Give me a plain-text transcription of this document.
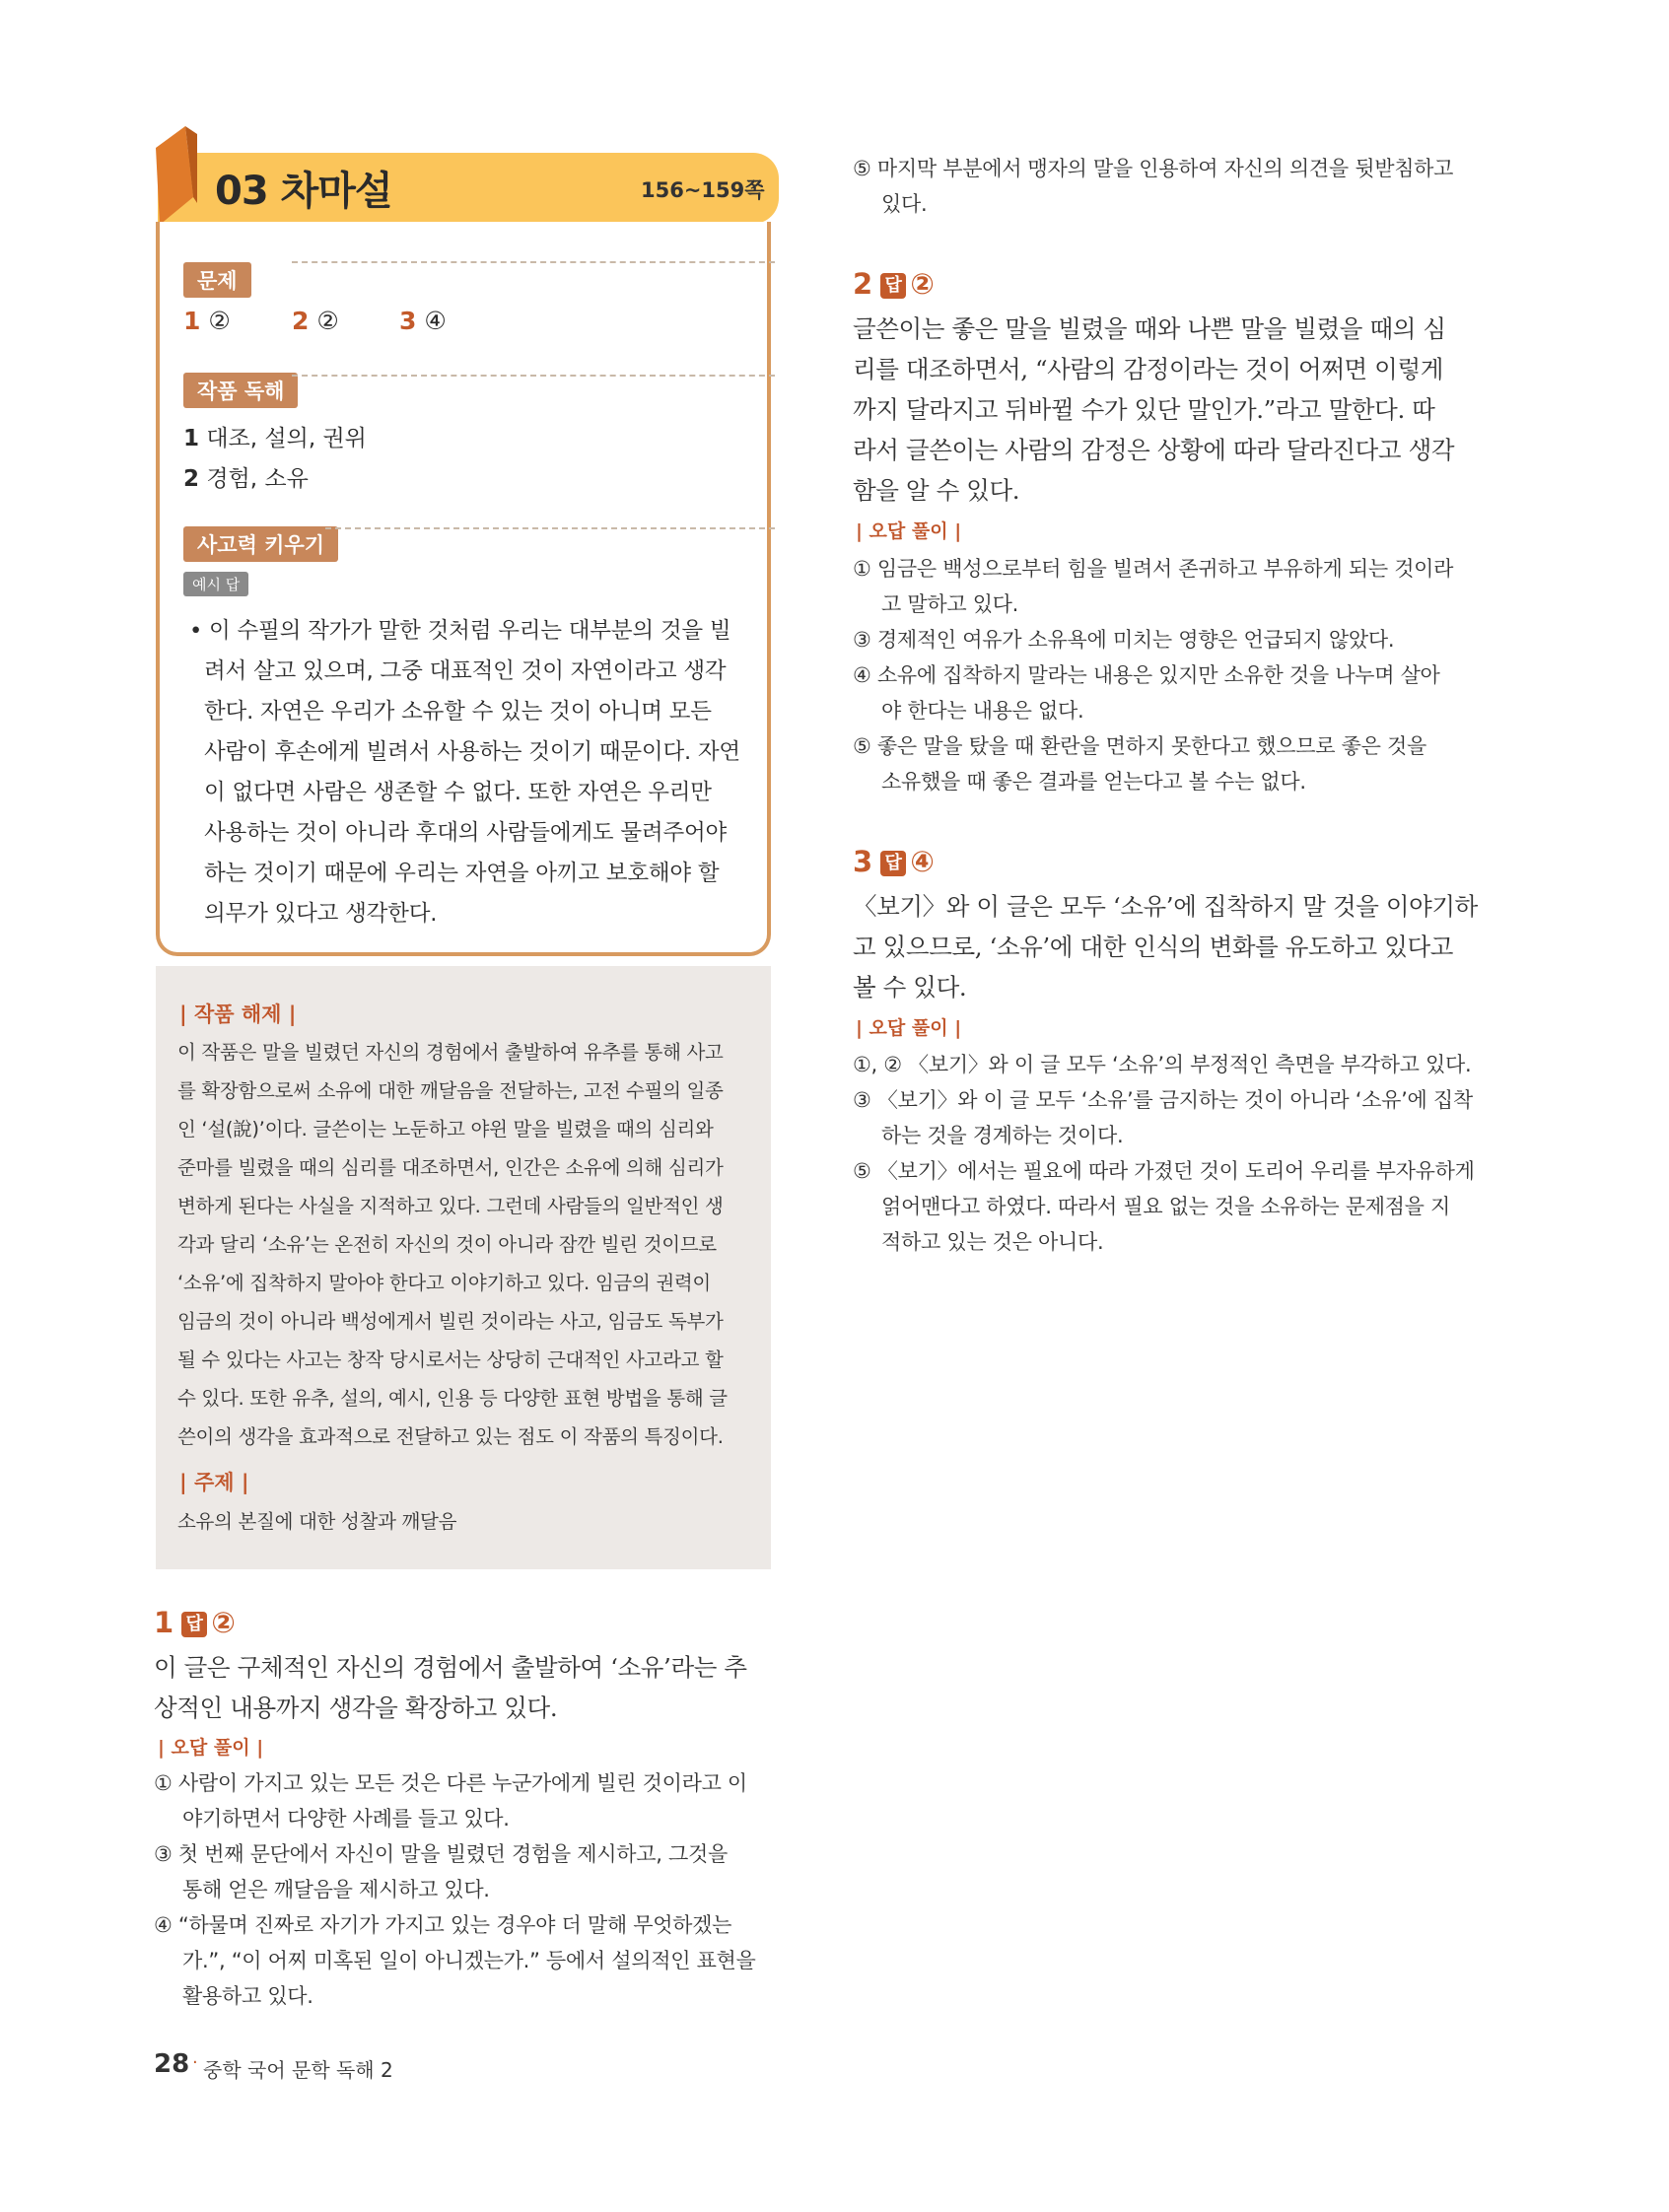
03 차마설	156~159쪽
문제
1 ② 2 ② 3 ④
작품 독해
1 대조, 설의, 권위
2 경험, 소유
사고력 키우기
예시 답
• 이 수필의 작가가 말한 것처럼 우리는 대부분의 것을 빌
려서 살고 있으며, 그중 대표적인 것이 자연이라고 생각
한다. 자연은 우리가 소유할 수 있는 것이 아니며 모든
사람이 후손에게 빌려서 사용하는 것이기 때문이다. 자연
이 없다면 사람은 생존할 수 없다. 또한 자연은 우리만
사용하는 것이 아니라 후대의 사람들에게도 물려주어야
하는 것이기 때문에 우리는 자연을 아끼고 보호해야 할
의무가 있다고 생각한다.
| 작품 해제 |
이 작품은 말을 빌렸던 자신의 경험에서 출발하여 유추를 통해 사고
를 확장함으로써 소유에 대한 깨달음을 전달하는, 고전 수필의 일종
인 ‘설(說)’이다. 글쓴이는 노둔하고 야윈 말을 빌렸을 때의 심리와
준마를 빌렸을 때의 심리를 대조하면서, 인간은 소유에 의해 심리가
변하게 된다는 사실을 지적하고 있다. 그런데 사람들의 일반적인 생
각과 달리 ‘소유’는 온전히 자신의 것이 아니라 잠깐 빌린 것이므로
‘소유’에 집착하지 말아야 한다고 이야기하고 있다. 임금의 권력이
임금의 것이 아니라 백성에게서 빌린 것이라는 사고, 임금도 독부가
될 수 있다는 사고는 창작 당시로서는 상당히 근대적인 사고라고 할
수 있다. 또한 유추, 설의, 예시, 인용 등 다양한 표현 방법을 통해 글
쓴이의 생각을 효과적으로 전달하고 있는 점도 이 작품의 특징이다.
| 주제 |
소유의 본질에 대한 성찰과 깨달음
1 답 ②
이 글은 구체적인 자신의 경험에서 출발하여 ‘소유’라는 추
상적인 내용까지 생각을 확장하고 있다.
| 오답 풀이 |
① 사람이 가지고 있는 모든 것은 다른 누군가에게 빌린 것이라고 이
야기하면서 다양한 사례를 들고 있다.
③ 첫 번째 문단에서 자신이 말을 빌렸던 경험을 제시하고, 그것을
통해 얻은 깨달음을 제시하고 있다.
④ “하물며 진짜로 자기가 가지고 있는 경우야 더 말해 무엇하겠는
가.”, “이 어찌 미혹된 일이 아니겠는가.” 등에서 설의적인 표현을
활용하고 있다.
⑤ 마지막 부분에서 맹자의 말을 인용하여 자신의 의견을 뒷받침하고
있다.
2 답 ②
글쓴이는 좋은 말을 빌렸을 때와 나쁜 말을 빌렸을 때의 심
리를 대조하면서, “사람의 감정이라는 것이 어쩌면 이렇게
까지 달라지고 뒤바뀔 수가 있단 말인가.”라고 말한다. 따
라서 글쓴이는 사람의 감정은 상황에 따라 달라진다고 생각
함을 알 수 있다.
| 오답 풀이 |
① 임금은 백성으로부터 힘을 빌려서 존귀하고 부유하게 되는 것이라
고 말하고 있다.
③ 경제적인 여유가 소유욕에 미치는 영향은 언급되지 않았다.
④ 소유에 집착하지 말라는 내용은 있지만 소유한 것을 나누며 살아
야 한다는 내용은 없다.
⑤ 좋은 말을 탔을 때 환란을 면하지 못한다고 했으므로 좋은 것을
소유했을 때 좋은 결과를 얻는다고 볼 수는 없다.
3 답 ④
〈보기〉와 이 글은 모두 ‘소유’에 집착하지 말 것을 이야기하
고 있으므로, ‘소유’에 대한 인식의 변화를 유도하고 있다고
볼 수 있다.
| 오답 풀이 |
①, ② 〈보기〉와 이 글 모두 ‘소유’의 부정적인 측면을 부각하고 있다.
③ 〈보기〉와 이 글 모두 ‘소유’를 금지하는 것이 아니라 ‘소유’에 집착
하는 것을 경계하는 것이다.
⑤ 〈보기〉에서는 필요에 따라 가졌던 것이 도리어 우리를 부자유하게
얽어맨다고 하였다. 따라서 필요 없는 것을 소유하는 문제점을 지
적하고 있는 것은 아니다.
28 · 중학 국어 문학 독해 2
